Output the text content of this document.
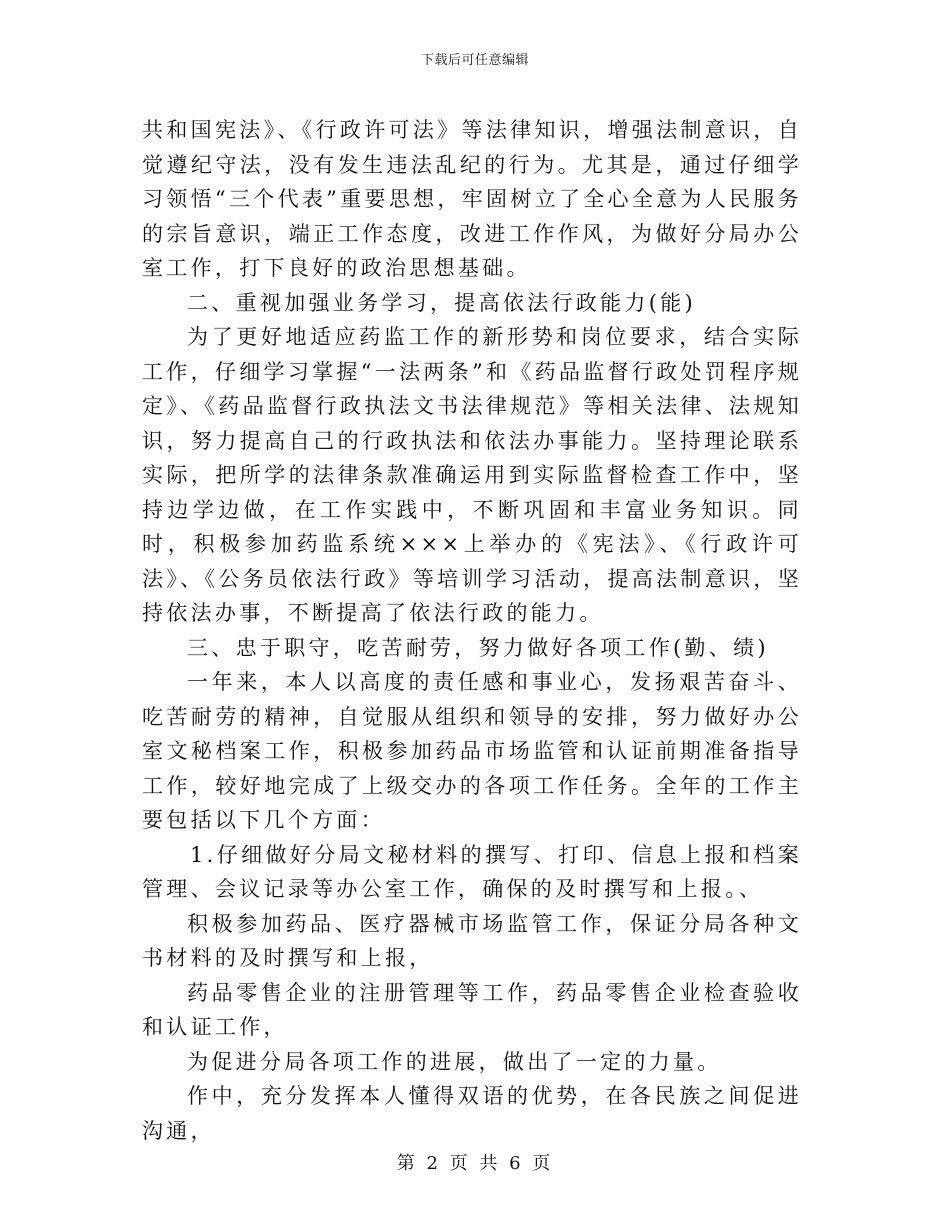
下载后可任意编辑

共和国宪法》、《行政许可法》等法律知识，增强法制意识，自觉遵纪守法，没有发生违法乱纪的行为。尤其是，通过仔细学习领悟“三个代表”重要思想，牢固树立了全心全意为人民服务的宗旨意识，端正工作态度，改进工作作风，为做好分局办公室工作，打下良好的政治思想基础。

二、重视加强业务学习，提高依法行政能力(能)

为了更好地适应药监工作的新形势和岗位要求，结合实际工作，仔细学习掌握“一法两条”和《药品监督行政处罚程序规定》、《药品监督行政执法文书法律规范》等相关法律、法规知识，努力提高自己的行政执法和依法办事能力。坚持理论联系实际，把所学的法律条款准确运用到实际监督检查工作中，坚持边学边做，在工作实践中，不断巩固和丰富业务知识。同时，积极参加药监系统×××上举办的《宪法》、《行政许可法》、《公务员依法行政》等培训学习活动，提高法制意识，坚持依法办事，不断提高了依法行政的能力。

三、忠于职守，吃苦耐劳，努力做好各项工作(勤、绩)

一年来，本人以高度的责任感和事业心，发扬艰苦奋斗、吃苦耐劳的精神，自觉服从组织和领导的安排，努力做好办公室文秘档案工作，积极参加药品市场监管和认证前期准备指导工作，较好地完成了上级交办的各项工作任务。全年的工作主要包括以下几个方面：

1.仔细做好分局文秘材料的撰写、打印、信息上报和档案管理、会议记录等办公室工作，确保的及时撰写和上报。、

积极参加药品、医疗器械市场监管工作，保证分局各种文书材料的及时撰写和上报，

药品零售企业的注册管理等工作，药品零售企业检查验收和认证工作，

为促进分局各项工作的进展，做出了一定的力量。

作中，充分发挥本人懂得双语的优势，在各民族之间促进沟通，

第 2 页 共 6 页
